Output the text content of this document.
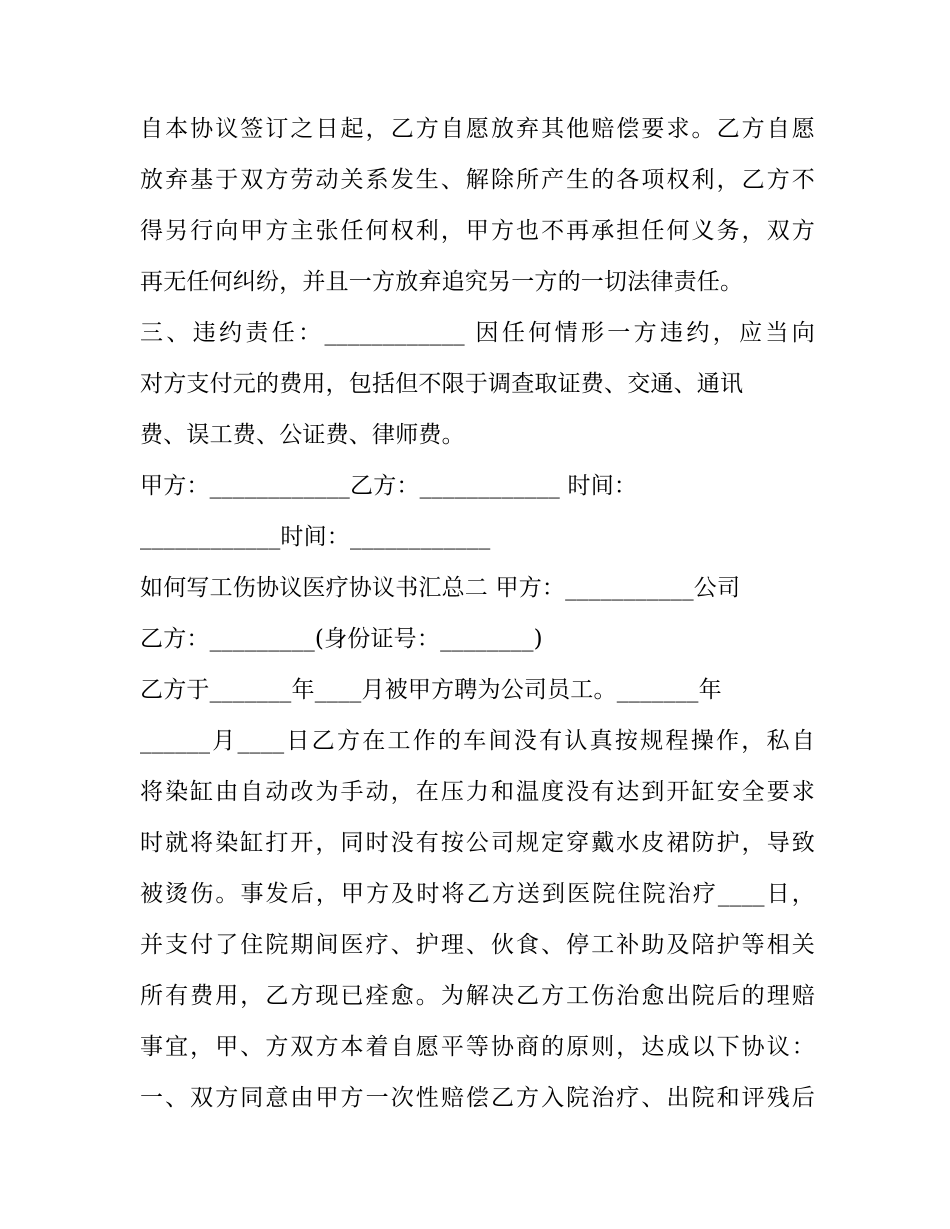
自本协议签订之日起，乙方自愿放弃其他赔偿要求。乙方自愿
放弃基于双方劳动关系发生、解除所产生的各项权利，乙方不
得另行向甲方主张任何权利，甲方也不再承担任何义务，双方
再无任何纠纷，并且一方放弃追究另一方的一切法律责任。
三、违约责任：____________ 因任何情形一方违约，应当向
对方支付元的费用，包括但不限于调查取证费、交通、通讯
费、误工费、公证费、律师费。
甲方：____________乙方：____________ 时间：
____________时间：____________
如何写工伤协议医疗协议书汇总二 甲方：___________公司
乙方：_________(身份证号：________)
乙方于_______年____月被甲方聘为公司员工。_______年
______月____日乙方在工作的车间没有认真按规程操作，私自
将染缸由自动改为手动，在压力和温度没有达到开缸安全要求
时就将染缸打开，同时没有按公司规定穿戴水皮裙防护，导致
被烫伤。事发后，甲方及时将乙方送到医院住院治疗____日，
并支付了住院期间医疗、护理、伙食、停工补助及陪护等相关
所有费用，乙方现已痊愈。为解决乙方工伤治愈出院后的理赔
事宜，甲、方双方本着自愿平等协商的原则，达成以下协议：
一、双方同意由甲方一次性赔偿乙方入院治疗、出院和评残后
